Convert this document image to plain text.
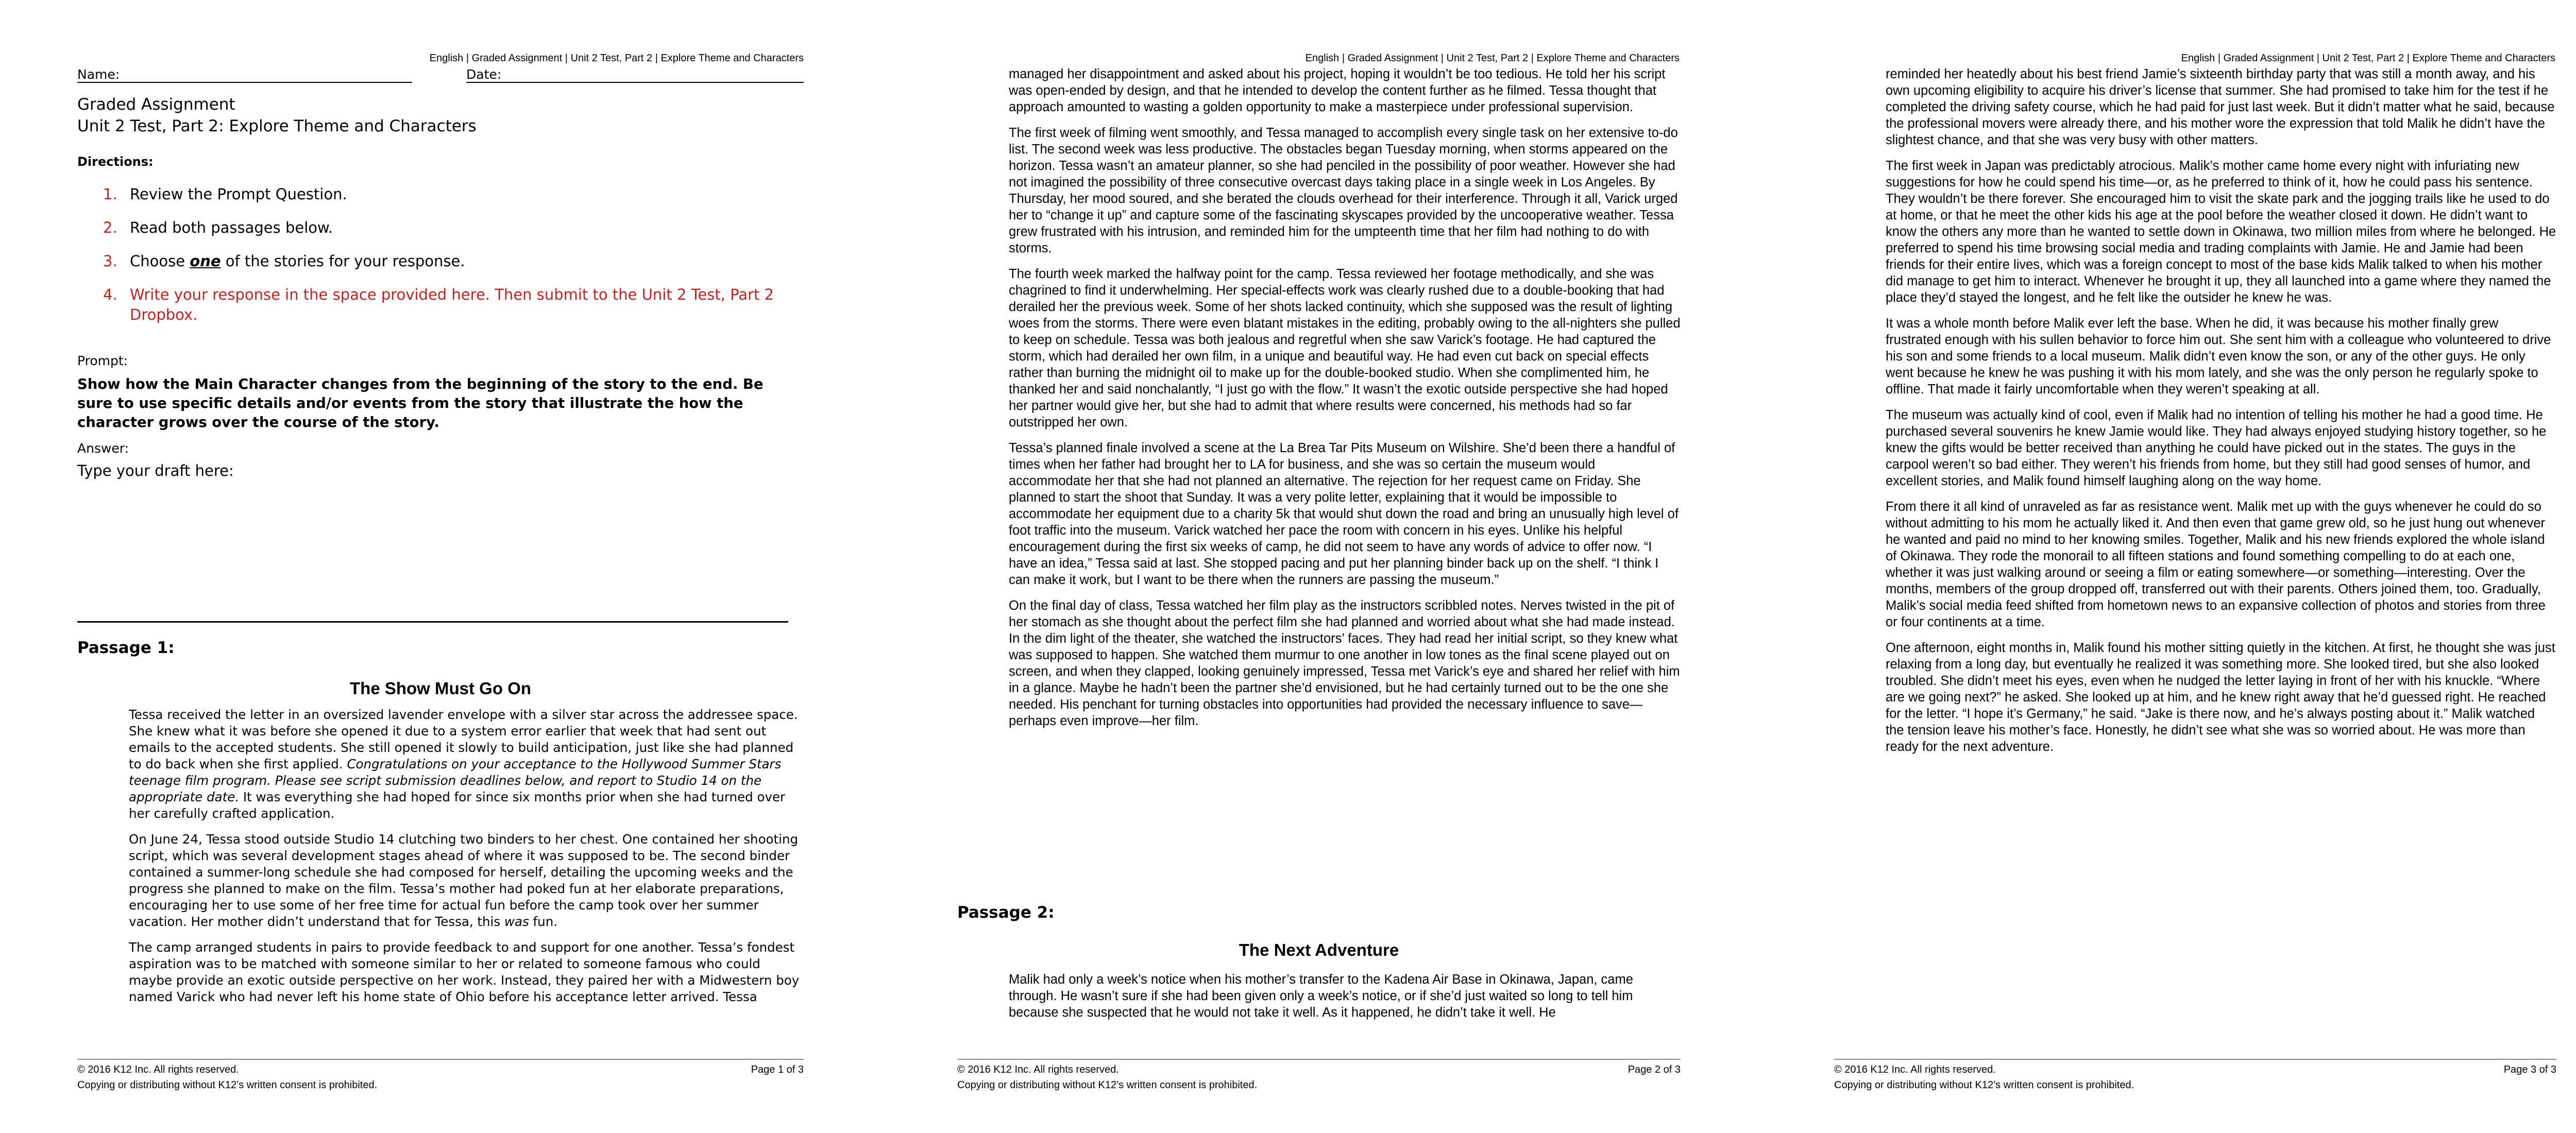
English | Graded Assignment | Unit 2 Test, Part 2 | Explore Theme and Characters
Name:	Date:
Graded Assignment
Unit 2 Test, Part 2: Explore Theme and Characters
Directions:
1. Review the Prompt Question.
2. Read both passages below.
3. Choose one of the stories for your response.
4. Write your response in the space provided here. Then submit to the Unit 2 Test, Part 2 Dropbox.
Prompt:
Show how the Main Character changes from the beginning of the story to the end. Be sure to use specific details and/or events from the story that illustrate the how the character grows over the course of the story.
Answer:
Type your draft here:
Passage 1:
The Show Must Go On

Tessa received the letter in an oversized lavender envelope with a silver star across the addressee space. She knew what it was before she opened it due to a system error earlier that week that had sent out emails to the accepted students. She still opened it slowly to build anticipation, just like she had planned to do back when she first applied. Congratulations on your acceptance to the Hollywood Summer Stars teenage film program. Please see script submission deadlines below, and report to Studio 14 on the appropriate date. It was everything she had hoped for since six months prior when she had turned over her carefully crafted application.

On June 24, Tessa stood outside Studio 14 clutching two binders to her chest. One contained her shooting script, which was several development stages ahead of where it was supposed to be. The second binder contained a summer-long schedule she had composed for herself, detailing the upcoming weeks and the progress she planned to make on the film. Tessa’s mother had poked fun at her elaborate preparations, encouraging her to use some of her free time for actual fun before the camp took over her summer vacation. Her mother didn’t understand that for Tessa, this was fun.

The camp arranged students in pairs to provide feedback to and support for one another. Tessa’s fondest aspiration was to be matched with someone similar to her or related to someone famous who could maybe provide an exotic outside perspective on her work. Instead, they paired her with a Midwestern boy named Varick who had never left his home state of Ohio before his acceptance letter arrived. Tessa

© 2016 K12 Inc. All rights reserved.
Copying or distributing without K12’s written consent is prohibited.
Page 1 of 3
English | Graded Assignment | Unit 2 Test, Part 2 | Explore Theme and Characters

managed her disappointment and asked about his project, hoping it wouldn’t be too tedious. He told her his script was open-ended by design, and that he intended to develop the content further as he filmed. Tessa thought that approach amounted to wasting a golden opportunity to make a masterpiece under professional supervision.

The first week of filming went smoothly, and Tessa managed to accomplish every single task on her extensive to-do list. The second week was less productive. The obstacles began Tuesday morning, when storms appeared on the horizon. Tessa wasn’t an amateur planner, so she had penciled in the possibility of poor weather. However she had not imagined the possibility of three consecutive overcast days taking place in a single week in Los Angeles. By Thursday, her mood soured, and she berated the clouds overhead for their interference. Through it all, Varick urged her to “change it up” and capture some of the fascinating skyscapes provided by the uncooperative weather. Tessa grew frustrated with his intrusion, and reminded him for the umpteenth time that her film had nothing to do with storms.

The fourth week marked the halfway point for the camp. Tessa reviewed her footage methodically, and she was chagrined to find it underwhelming. Her special-effects work was clearly rushed due to a double-booking that had derailed her the previous week. Some of her shots lacked continuity, which she supposed was the result of lighting woes from the storms. There were even blatant mistakes in the editing, probably owing to the all-nighters she pulled to keep on schedule. Tessa was both jealous and regretful when she saw Varick’s footage. He had captured the storm, which had derailed her own film, in a unique and beautiful way. He had even cut back on special effects rather than burning the midnight oil to make up for the double-booked studio. When she complimented him, he thanked her and said nonchalantly, “I just go with the flow.” It wasn’t the exotic outside perspective she had hoped her partner would give her, but she had to admit that where results were concerned, his methods had so far outstripped her own.

Tessa’s planned finale involved a scene at the La Brea Tar Pits Museum on Wilshire. She’d been there a handful of times when her father had brought her to LA for business, and she was so certain the museum would accommodate her that she had not planned an alternative. The rejection for her request came on Friday. She planned to start the shoot that Sunday. It was a very polite letter, explaining that it would be impossible to accommodate her equipment due to a charity 5k that would shut down the road and bring an unusually high level of foot traffic into the museum. Varick watched her pace the room with concern in his eyes. Unlike his helpful encouragement during the first six weeks of camp, he did not seem to have any words of advice to offer now. “I have an idea,” Tessa said at last. She stopped pacing and put her planning binder back up on the shelf. “I think I can make it work, but I want to be there when the runners are passing the museum.”

On the final day of class, Tessa watched her film play as the instructors scribbled notes. Nerves twisted in the pit of her stomach as she thought about the perfect film she had planned and worried about what she had made instead. In the dim light of the theater, she watched the instructors’ faces. They had read her initial script, so they knew what was supposed to happen. She watched them murmur to one another in low tones as the final scene played out on screen, and when they clapped, looking genuinely impressed, Tessa met Varick’s eye and shared her relief with him in a glance. Maybe he hadn’t been the partner she’d envisioned, but he had certainly turned out to be the one she needed. His penchant for turning obstacles into opportunities had provided the necessary influence to save—perhaps even improve—her film.

Passage 2:
The Next Adventure

Malik had only a week’s notice when his mother’s transfer to the Kadena Air Base in Okinawa, Japan, came through. He wasn’t sure if she had been given only a week’s notice, or if she’d just waited so long to tell him because she suspected that he would not take it well. As it happened, he didn’t take it well. He

© 2016 K12 Inc. All rights reserved.
Copying or distributing without K12’s written consent is prohibited.
Page 2 of 3
English | Graded Assignment | Unit 2 Test, Part 2 | Explore Theme and Characters

reminded her heatedly about his best friend Jamie’s sixteenth birthday party that was still a month away, and his own upcoming eligibility to acquire his driver’s license that summer. She had promised to take him for the test if he completed the driving safety course, which he had paid for just last week. But it didn’t matter what he said, because the professional movers were already there, and his mother wore the expression that told Malik he didn’t have the slightest chance, and that she was very busy with other matters.

The first week in Japan was predictably atrocious. Malik’s mother came home every night with infuriating new suggestions for how he could spend his time—or, as he preferred to think of it, how he could pass his sentence. They wouldn’t be there forever. She encouraged him to visit the skate park and the jogging trails like he used to do at home, or that he meet the other kids his age at the pool before the weather closed it down. He didn’t want to know the others any more than he wanted to settle down in Okinawa, two million miles from where he belonged. He preferred to spend his time browsing social media and trading complaints with Jamie. He and Jamie had been friends for their entire lives, which was a foreign concept to most of the base kids Malik talked to when his mother did manage to get him to interact. Whenever he brought it up, they all launched into a game where they named the place they’d stayed the longest, and he felt like the outsider he knew he was.

It was a whole month before Malik ever left the base. When he did, it was because his mother finally grew frustrated enough with his sullen behavior to force him out. She sent him with a colleague who volunteered to drive his son and some friends to a local museum. Malik didn’t even know the son, or any of the other guys. He only went because he knew he was pushing it with his mom lately, and she was the only person he regularly spoke to offline. That made it fairly uncomfortable when they weren’t speaking at all.

The museum was actually kind of cool, even if Malik had no intention of telling his mother he had a good time. He purchased several souvenirs he knew Jamie would like. They had always enjoyed studying history together, so he knew the gifts would be better received than anything he could have picked out in the states. The guys in the carpool weren’t so bad either. They weren’t his friends from home, but they still had good senses of humor, and excellent stories, and Malik found himself laughing along on the way home.

From there it all kind of unraveled as far as resistance went. Malik met up with the guys whenever he could do so without admitting to his mom he actually liked it. And then even that game grew old, so he just hung out whenever he wanted and paid no mind to her knowing smiles. Together, Malik and his new friends explored the whole island of Okinawa. They rode the monorail to all fifteen stations and found something compelling to do at each one, whether it was just walking around or seeing a film or eating somewhere—or something—interesting. Over the months, members of the group dropped off, transferred out with their parents. Others joined them, too. Gradually, Malik’s social media feed shifted from hometown news to an expansive collection of photos and stories from three or four continents at a time.

One afternoon, eight months in, Malik found his mother sitting quietly in the kitchen. At first, he thought she was just relaxing from a long day, but eventually he realized it was something more. She looked tired, but she also looked troubled. She didn’t meet his eyes, even when he nudged the letter laying in front of her with his knuckle. “Where are we going next?” he asked. She looked up at him, and he knew right away that he’d guessed right. He reached for the letter. “I hope it’s Germany,” he said. “Jake is there now, and he’s always posting about it.” Malik watched the tension leave his mother’s face. Honestly, he didn’t see what she was so worried about. He was more than ready for the next adventure.

© 2016 K12 Inc. All rights reserved.
Copying or distributing without K12’s written consent is prohibited.
Page 3 of 3
